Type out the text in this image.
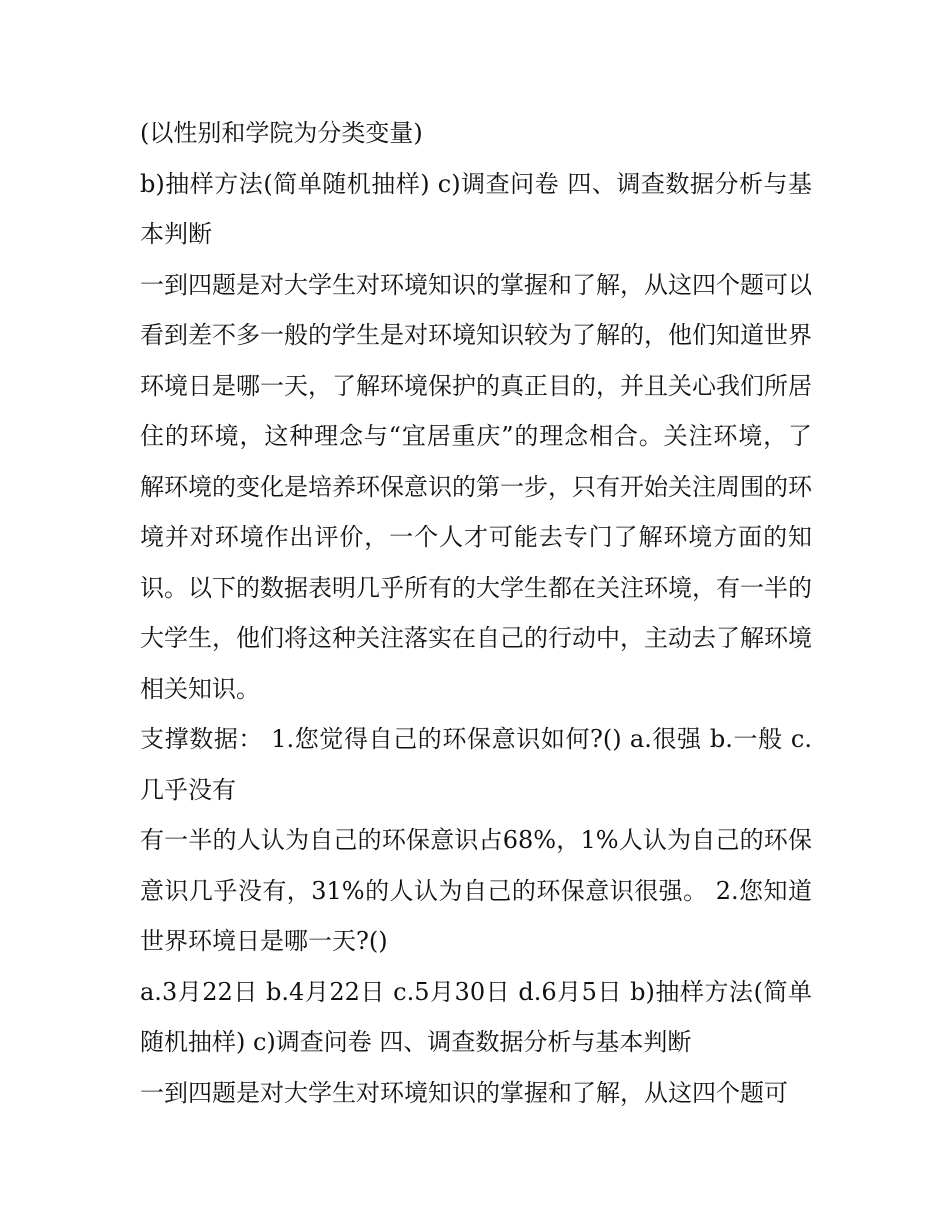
(以性别和学院为分类变量)

b)抽样方法(简单随机抽样) c)调查问卷 四、调查数据分析与基本判断

一到四题是对大学生对环境知识的掌握和了解，从这四个题可以看到差不多一般的学生是对环境知识较为了解的，他们知道世界环境日是哪一天，了解环境保护的真正目的，并且关心我们所居住的环境，这种理念与“宜居重庆”的理念相合。关注环境，了解环境的变化是培养环保意识的第一步，只有开始关注周围的环境并对环境作出评价，一个人才可能去专门了解环境方面的知识。以下的数据表明几乎所有的大学生都在关注环境，有一半的大学生，他们将这种关注落实在自己的行动中，主动去了解环境相关知识。

支撑数据： 1.您觉得自己的环保意识如何?() a.很强 b.一般 c.几乎没有

有一半的人认为自己的环保意识占68%，1%人认为自己的环保意识几乎没有，31%的人认为自己的环保意识很强。 2.您知道世界环境日是哪一天?()

a.3月22日 b.4月22日 c.5月30日 d.6月5日 b)抽样方法(简单随机抽样) c)调查问卷 四、调查数据分析与基本判断

一到四题是对大学生对环境知识的掌握和了解，从这四个题可
